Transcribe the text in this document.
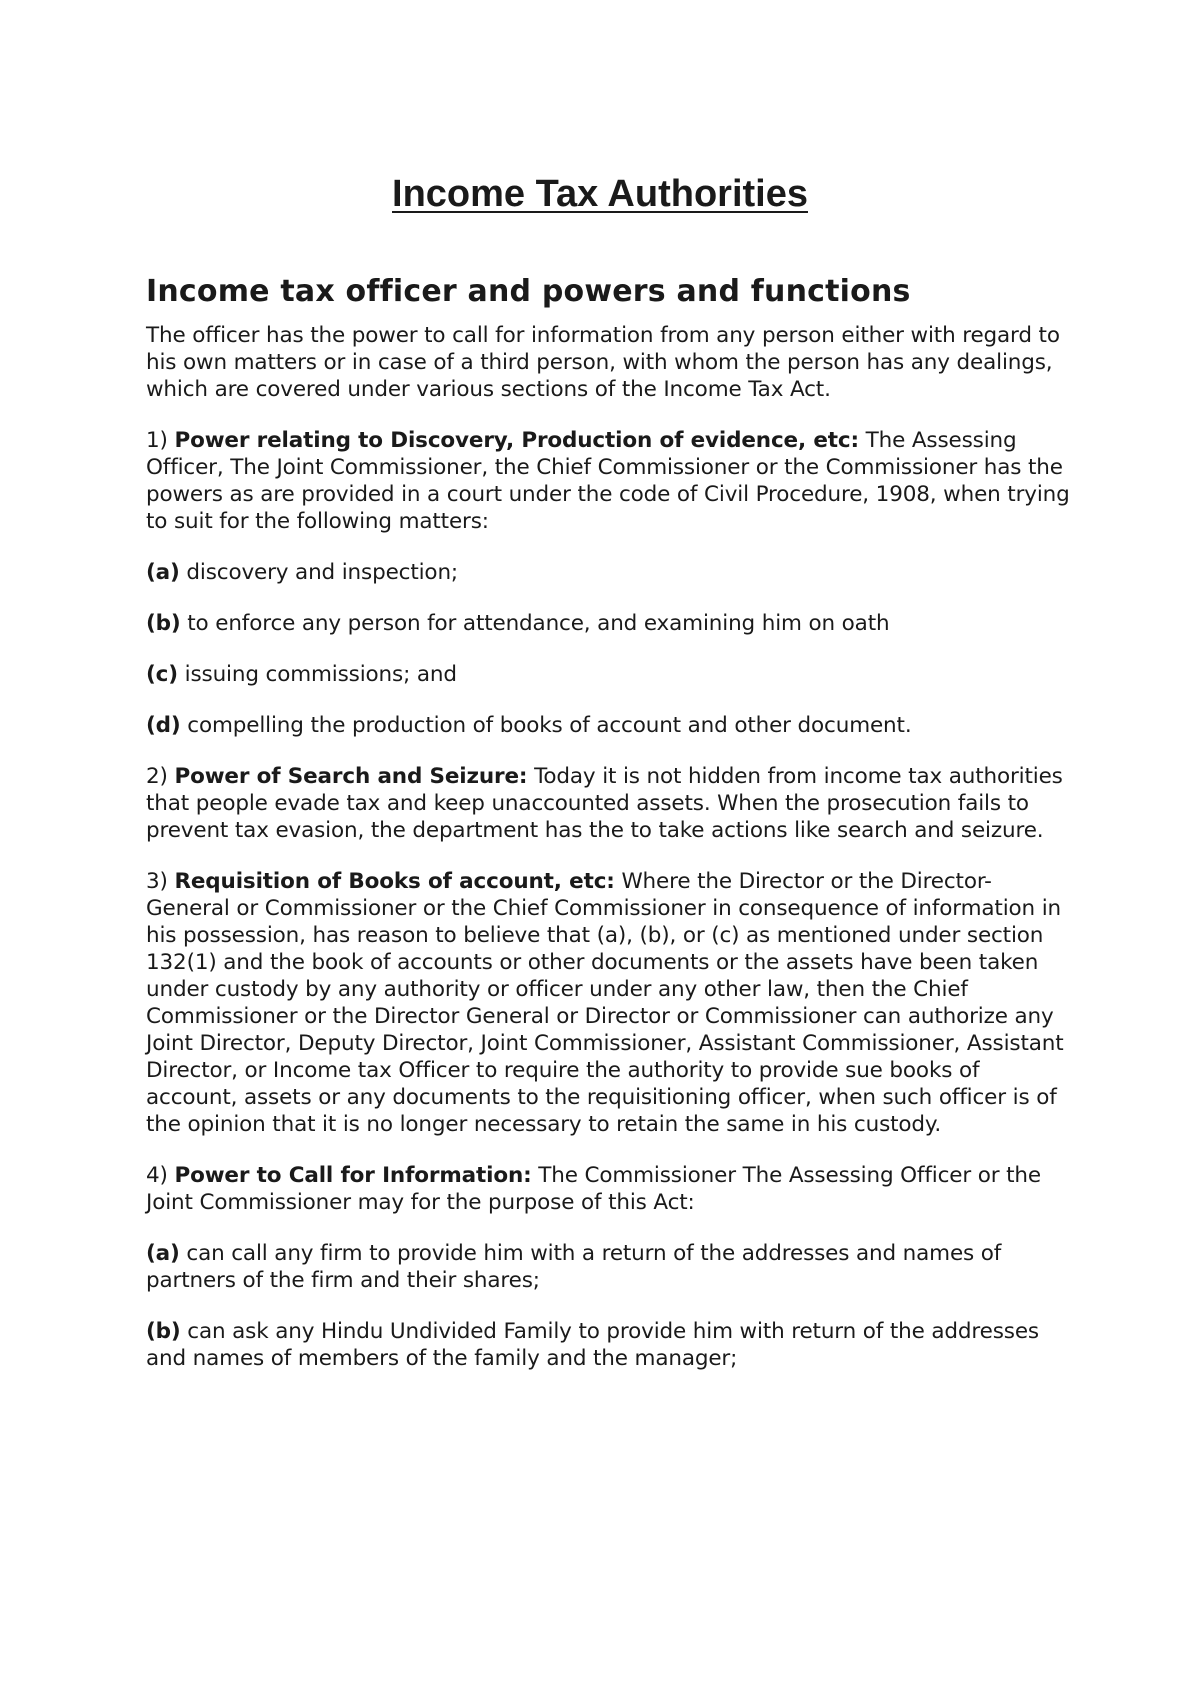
Income Tax Authorities
Income tax officer and powers and functions

The officer has the power to call for information from any person either with regard to his own matters or in case of a third person, with whom the person has any dealings, which are covered under various sections of the Income Tax Act.

1) Power relating to Discovery, Production of evidence, etc: The Assessing Officer, The Joint Commissioner, the Chief Commissioner or the Commissioner has the powers as are provided in a court under the code of Civil Procedure, 1908, when trying to suit for the following matters:

(a) discovery and inspection;

(b) to enforce any person for attendance, and examining him on oath

(c) issuing commissions; and

(d) compelling the production of books of account and other document.

2) Power of Search and Seizure: Today it is not hidden from income tax authorities that people evade tax and keep unaccounted assets. When the prosecution fails to prevent tax evasion, the department has the to take actions like search and seizure.

3) Requisition of Books of account, etc: Where the Director or the Director-General or Commissioner or the Chief Commissioner in consequence of information in his possession, has reason to believe that (a), (b), or (c) as mentioned under section 132(1) and the book of accounts or other documents or the assets have been taken under custody by any authority or officer under any other law, then the Chief Commissioner or the Director General or Director or Commissioner can authorize any Joint Director, Deputy Director, Joint Commissioner, Assistant Commissioner, Assistant Director, or Income tax Officer to require the authority to provide sue books of account, assets or any documents to the requisitioning officer, when such officer is of the opinion that it is no longer necessary to retain the same in his custody.

4) Power to Call for Information: The Commissioner The Assessing Officer or the Joint Commissioner may for the purpose of this Act:

(a) can call any firm to provide him with a return of the addresses and names of partners of the firm and their shares;

(b) can ask any Hindu Undivided Family to provide him with return of the addresses and names of members of the family and the manager;
